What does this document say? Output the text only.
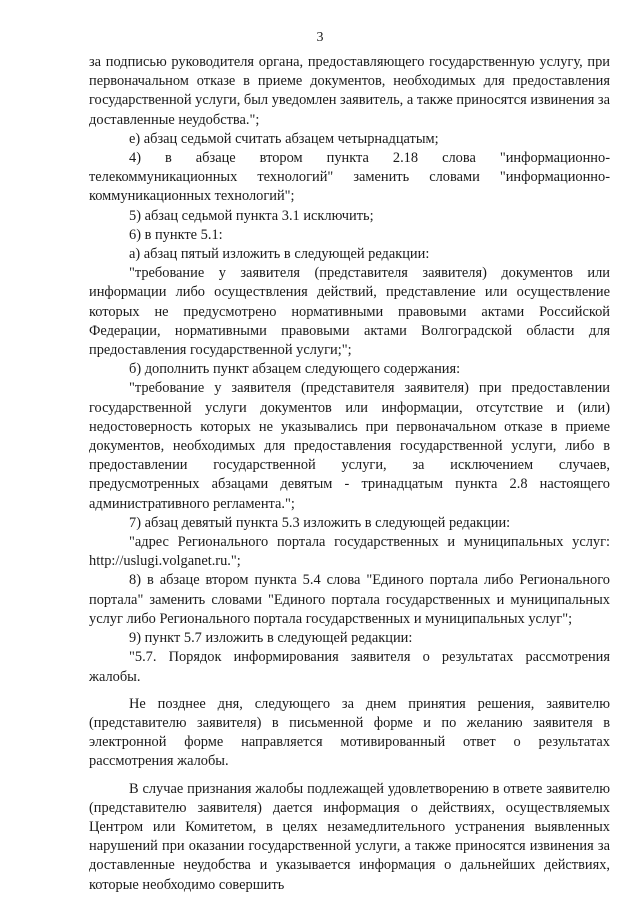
3

за подписью руководителя органа, предоставляющего государственную услугу, при первоначальном отказе в приеме документов, необходимых для предоставления государственной услуги, был уведомлен заявитель, а также приносятся извинения за доставленные неудобства.";

е) абзац седьмой считать абзацем четырнадцатым;

4) в абзаце втором пункта 2.18 слова "информационно-телекоммуникационных технологий" заменить словами "информационно-коммуникационных технологий";

5) абзац седьмой пункта 3.1 исключить;

6) в пункте 5.1:

а) абзац пятый изложить в следующей редакции:

"требование у заявителя (представителя заявителя) документов или информации либо осуществления действий, представление или осуществление которых не предусмотрено нормативными правовыми актами Российской Федерации, нормативными правовыми актами Волгоградской области для предоставления государственной услуги;";

б) дополнить пункт абзацем следующего содержания:

"требование у заявителя (представителя заявителя) при предоставлении государственной услуги документов или информации, отсутствие и (или) недостоверность которых не указывались при первоначальном отказе в приеме документов, необходимых для предоставления государственной услуги, либо в предоставлении государственной услуги, за исключением случаев, предусмотренных абзацами девятым - тринадцатым пункта 2.8 настоящего административного регламента.";

7) абзац девятый пункта 5.3 изложить в следующей редакции:

"адрес Регионального портала государственных и муниципальных услуг: http://uslugi.volganet.ru.";

8) в абзаце втором пункта 5.4 слова "Единого портала либо Регионального портала" заменить словами "Единого портала государственных и муниципальных услуг либо Регионального портала государственных и муниципальных услуг";

9) пункт 5.7 изложить в следующей редакции:

"5.7. Порядок информирования заявителя о результатах рассмотрения жалобы.

Не позднее дня, следующего за днем принятия решения, заявителю (представителю заявителя) в письменной форме и по желанию заявителя в электронной форме направляется мотивированный ответ о результатах рассмотрения жалобы.

В случае признания жалобы подлежащей удовлетворению в ответе заявителю (представителю заявителя) дается информация о действиях, осуществляемых Центром или Комитетом, в целях незамедлительного устранения выявленных нарушений при оказании государственной услуги, а также приносятся извинения за доставленные неудобства и указывается информация о дальнейших действиях, которые необходимо совершить
